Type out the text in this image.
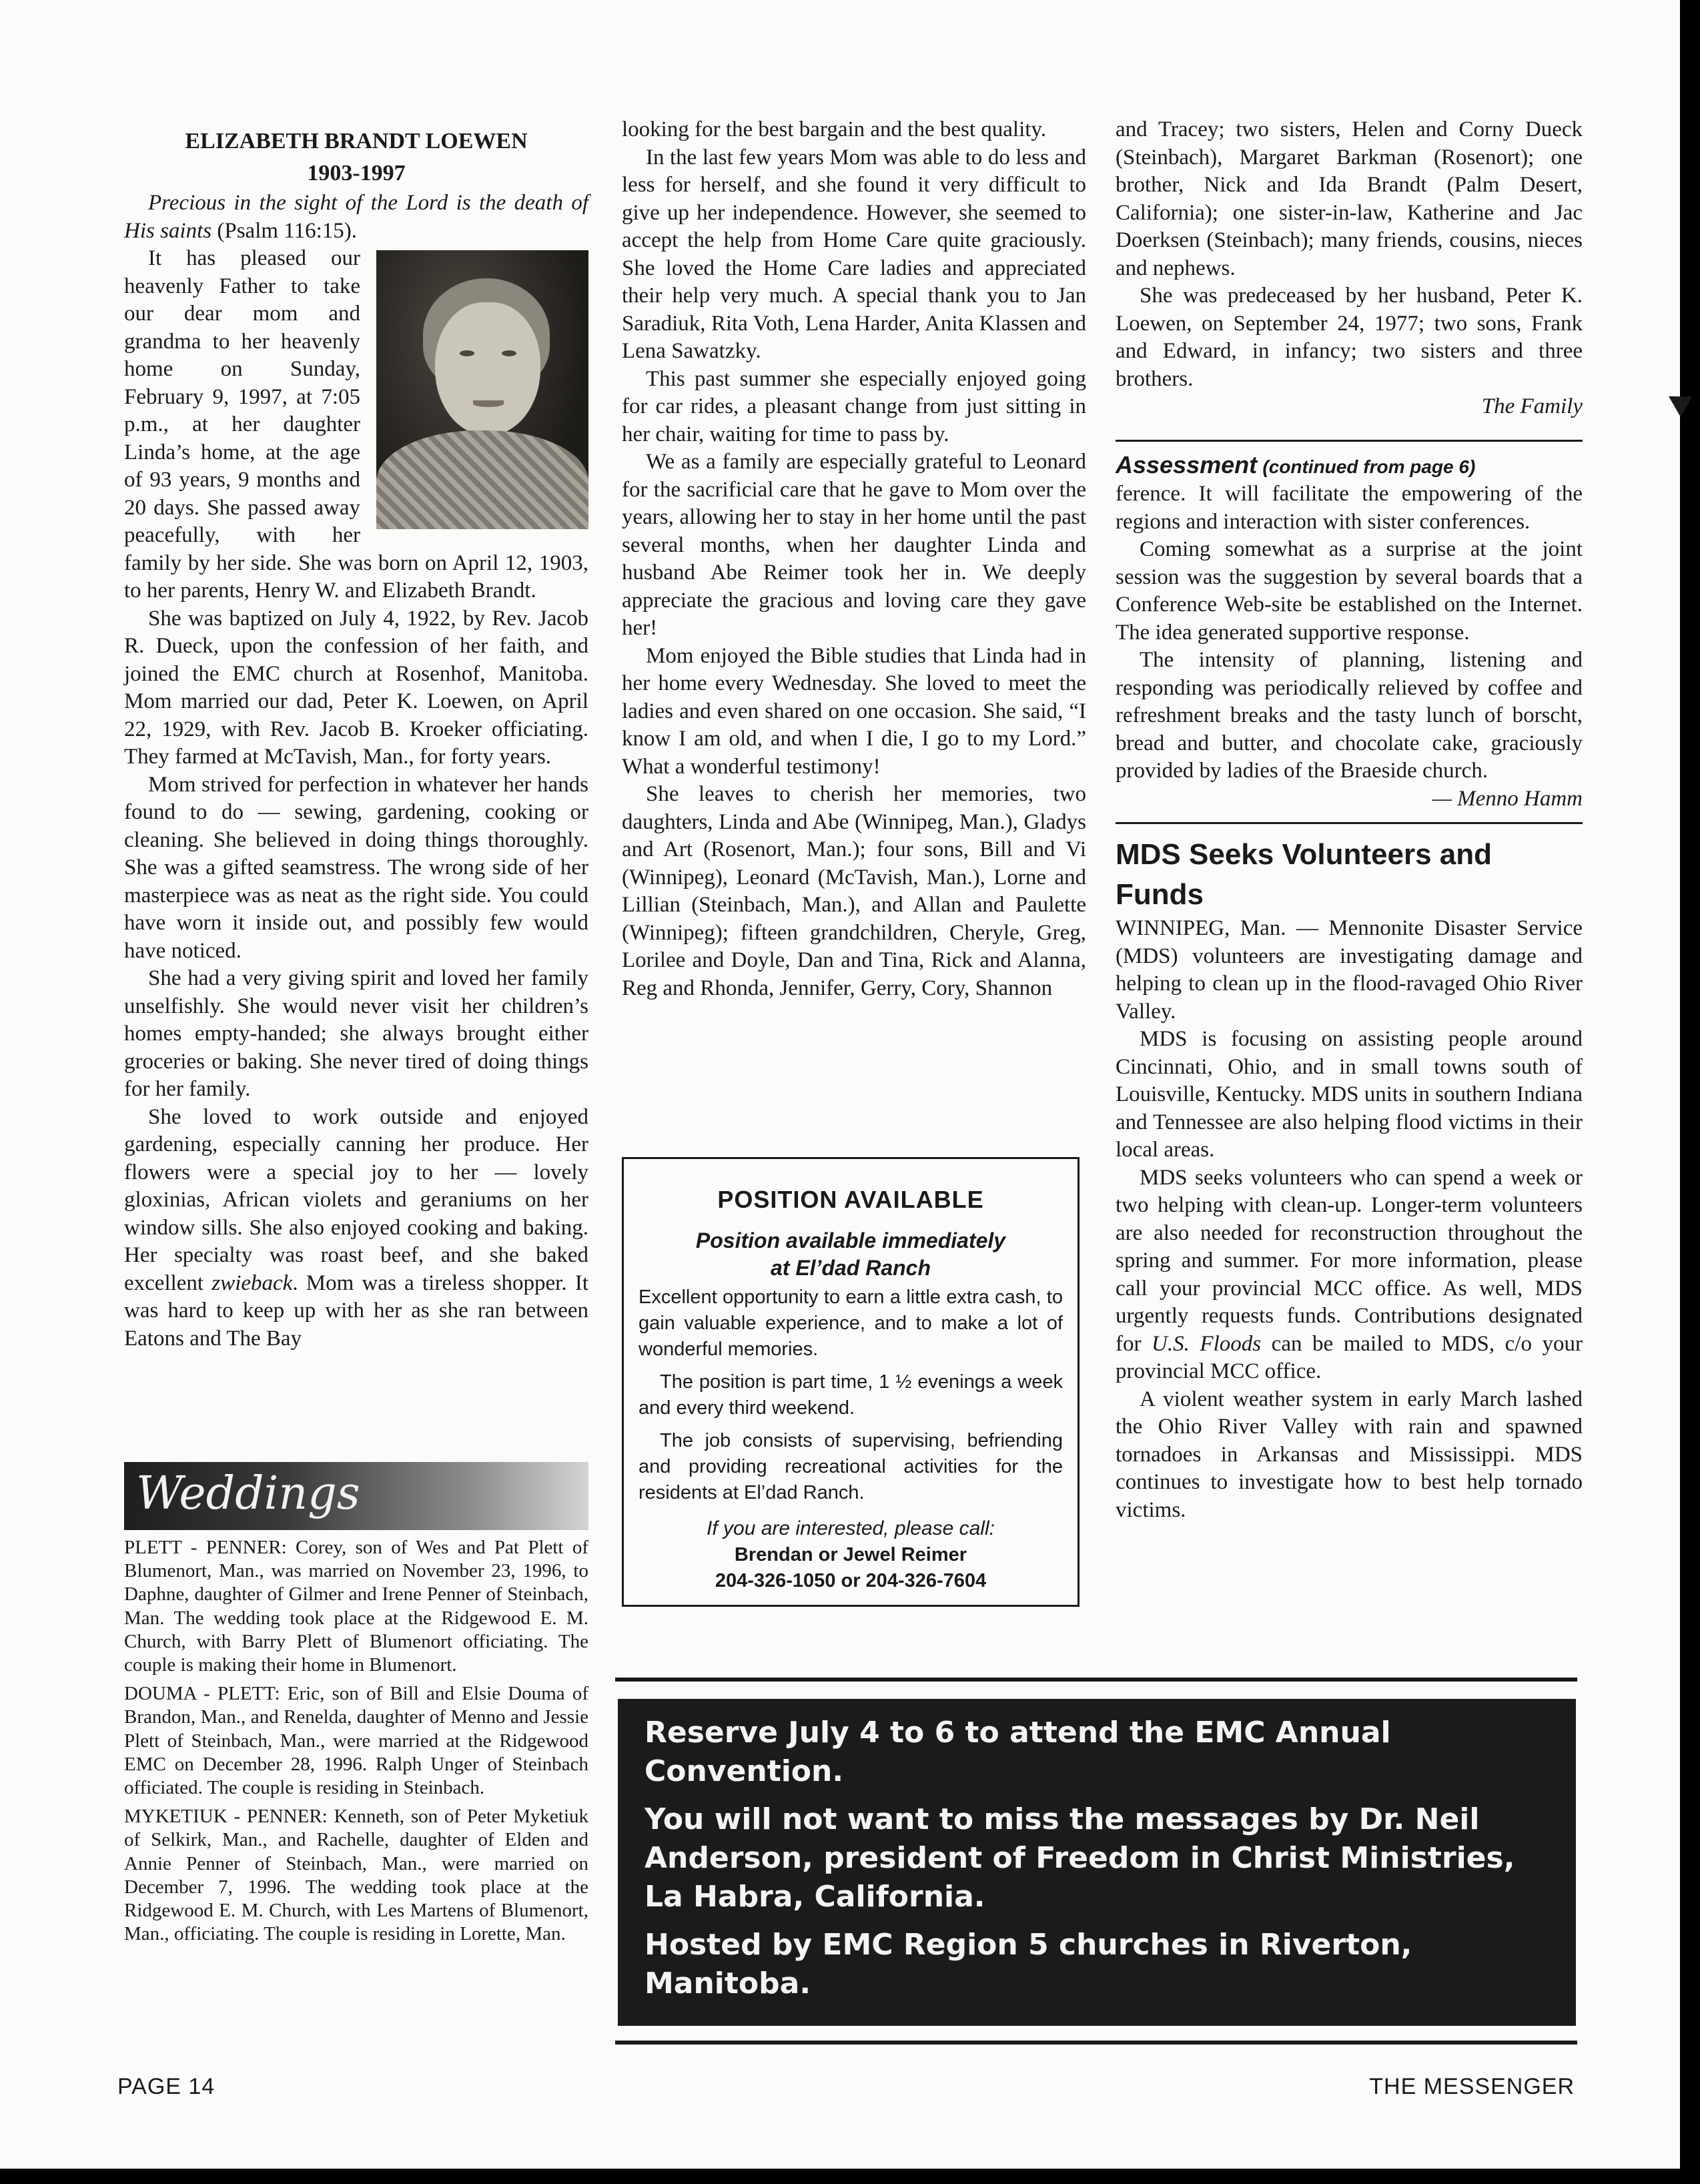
ELIZABETH BRANDT LOEWEN

1903-1997

Precious in the sight of the Lord is the death of His saints (Psalm 116:15).

It has pleased our heavenly Father to take our dear mom and grandma to her heavenly home on Sunday, February 9, 1997, at 7:05 p.m., at her daughter Linda’s home, at the age of 93 years, 9 months and 20 days. She passed away peacefully, with her family by her side. She was born on April 12, 1903, to her parents, Henry W. and Elizabeth Brandt.

She was baptized on July 4, 1922, by Rev. Jacob R. Dueck, upon the confession of her faith, and joined the EMC church at Rosenhof, Manitoba. Mom married our dad, Peter K. Loewen, on April 22, 1929, with Rev. Jacob B. Kroeker officiating. They farmed at McTavish, Man., for forty years.

Mom strived for perfection in whatever her hands found to do — sewing, gardening, cooking or cleaning. She believed in doing things thoroughly. She was a gifted seamstress. The wrong side of her masterpiece was as neat as the right side. You could have worn it inside out, and possibly few would have noticed.

She had a very giving spirit and loved her family unselfishly. She would never visit her children’s homes empty-handed; she always brought either groceries or baking. She never tired of doing things for her family.

She loved to work outside and enjoyed gardening, especially canning her produce. Her flowers were a special joy to her — lovely gloxinias, African violets and geraniums on her window sills. She also enjoyed cooking and baking. Her specialty was roast beef, and she baked excellent zwieback. Mom was a tireless shopper. It was hard to keep up with her as she ran between Eatons and The Bay

Weddings

PLETT - PENNER: Corey, son of Wes and Pat Plett of Blumenort, Man., was married on November 23, 1996, to Daphne, daughter of Gilmer and Irene Penner of Steinbach, Man. The wedding took place at the Ridgewood E. M. Church, with Barry Plett of Blumenort officiating. The couple is making their home in Blumenort.

DOUMA - PLETT: Eric, son of Bill and Elsie Douma of Brandon, Man., and Renelda, daughter of Menno and Jessie Plett of Steinbach, Man., were married at the Ridgewood EMC on December 28, 1996. Ralph Unger of Steinbach officiated. The couple is residing in Steinbach.

MYKETIUK - PENNER: Kenneth, son of Peter Myketiuk of Selkirk, Man., and Rachelle, daughter of Elden and Annie Penner of Steinbach, Man., were married on December 7, 1996. The wedding took place at the Ridgewood E. M. Church, with Les Martens of Blumenort, Man., officiating. The couple is residing in Lorette, Man.

looking for the best bargain and the best quality.

In the last few years Mom was able to do less and less for herself, and she found it very difficult to give up her independence. However, she seemed to accept the help from Home Care quite graciously. She loved the Home Care ladies and appreciated their help very much. A special thank you to Jan Saradiuk, Rita Voth, Lena Harder, Anita Klassen and Lena Sawatzky.

This past summer she especially enjoyed going for car rides, a pleasant change from just sitting in her chair, waiting for time to pass by.

We as a family are especially grateful to Leonard for the sacrificial care that he gave to Mom over the years, allowing her to stay in her home until the past several months, when her daughter Linda and husband Abe Reimer took her in. We deeply appreciate the gracious and loving care they gave her!

Mom enjoyed the Bible studies that Linda had in her home every Wednesday. She loved to meet the ladies and even shared on one occasion. She said, “I know I am old, and when I die, I go to my Lord.” What a wonderful testimony!

She leaves to cherish her memories, two daughters, Linda and Abe (Winnipeg, Man.), Gladys and Art (Rosenort, Man.); four sons, Bill and Vi (Winnipeg), Leonard (McTavish, Man.), Lorne and Lillian (Steinbach, Man.), and Allan and Paulette (Winnipeg); fifteen grandchildren, Cheryle, Greg, Lorilee and Doyle, Dan and Tina, Rick and Alanna, Reg and Rhonda, Jennifer, Gerry, Cory, Shannon

POSITION AVAILABLE
Position available immediately
at El’dad Ranch
Excellent opportunity to earn a little extra cash, to gain valuable experience, and to make a lot of wonderful memories.
The position is part time, 1 ½ evenings a week and every third weekend.
The job consists of supervising, befriending and providing recreational activities for the residents at El’dad Ranch.
If you are interested, please call:
Brendan or Jewel Reimer
204-326-1050 or 204-326-7604

and Tracey; two sisters, Helen and Corny Dueck (Steinbach), Margaret Barkman (Rosenort); one brother, Nick and Ida Brandt (Palm Desert, California); one sister-in-law, Katherine and Jac Doerksen (Steinbach); many friends, cousins, nieces and nephews.

She was predeceased by her husband, Peter K. Loewen, on September 24, 1977; two sons, Frank and Edward, in infancy; two sisters and three brothers.

The Family

Assessment (continued from page 6)

ference. It will facilitate the empowering of the regions and interaction with sister conferences.

Coming somewhat as a surprise at the joint session was the suggestion by several boards that a Conference Web-site be established on the Internet. The idea generated supportive response.

The intensity of planning, listening and responding was periodically relieved by coffee and refreshment breaks and the tasty lunch of borscht, bread and butter, and chocolate cake, graciously provided by ladies of the Braeside church.

— Menno Hamm

MDS Seeks Volunteers and Funds

WINNIPEG, Man. — Mennonite Disaster Service (MDS) volunteers are investigating damage and helping to clean up in the flood-ravaged Ohio River Valley.

MDS is focusing on assisting people around Cincinnati, Ohio, and in small towns south of Louisville, Kentucky. MDS units in southern Indiana and Tennessee are also helping flood victims in their local areas.

MDS seeks volunteers who can spend a week or two helping with clean-up. Longer-term volunteers are also needed for reconstruction throughout the spring and summer. For more information, please call your provincial MCC office. As well, MDS urgently requests funds. Contributions designated for U.S. Floods can be mailed to MDS, c/o your provincial MCC office.

A violent weather system in early March lashed the Ohio River Valley with rain and spawned tornadoes in Arkansas and Mississippi. MDS continues to investigate how to best help tornado victims.

Reserve July 4 to 6 to attend the EMC Annual Convention.

You will not want to miss the messages by Dr. Neil Anderson, president of Freedom in Christ Ministries, La Habra, California.

Hosted by EMC Region 5 churches in Riverton, Manitoba.

PAGE 14	THE MESSENGER
